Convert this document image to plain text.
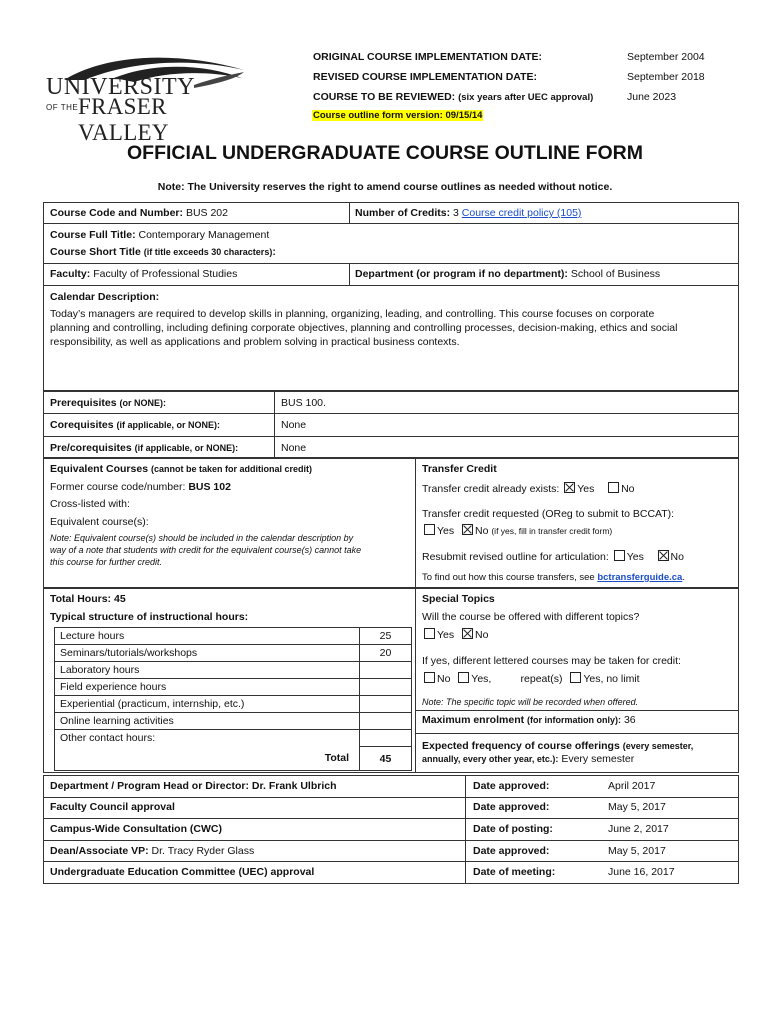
UNIVERSITY
OF THE FRASER VALLEY
ORIGINAL COURSE IMPLEMENTATION DATE:	September 2004
REVISED COURSE IMPLEMENTATION DATE:	September 2018
COURSE TO BE REVIEWED: (six years after UEC approval)	June 2023
Course outline form version: 09/15/14
OFFICIAL UNDERGRADUATE COURSE OUTLINE FORM
Note: The University reserves the right to amend course outlines as needed without notice.
Course Code and Number: BUS 202	Number of Credits: 3 Course credit policy (105)
Course Full Title: Contemporary Management
Course Short Title (if title exceeds 30 characters):
Faculty: Faculty of Professional Studies	Department (or program if no department): School of Business
Calendar Description:
Today’s managers are required to develop skills in planning, organizing, leading, and controlling. This course focuses on corporate
planning and controlling, including defining corporate objectives, planning and controlling processes, decision-making, ethics and social
responsibility, as well as applications and problem solving in practical business contexts.
Prerequisites (or NONE):	BUS 100.
Corequisites (if applicable, or NONE):	None
Pre/corequisites (if applicable, or NONE):	None
Equivalent Courses (cannot be taken for additional credit)
Former course code/number: BUS 102
Cross-listed with:
Equivalent course(s):
Note: Equivalent course(s) should be included in the calendar description by
way of a note that students with credit for the equivalent course(s) cannot take
this course for further credit.
Transfer Credit
Transfer credit already exists: Yes	No
Transfer credit requested (OReg to submit to BCCAT):
Yes No (if yes, fill in transfer credit form)
Resubmit revised outline for articulation: Yes	No
To find out how this course transfers, see bctransferguide.ca.
Total Hours: 45
Typical structure of instructional hours:
Lecture hours	25
Seminars/tutorials/workshops	20
Laboratory hours	
Field experience hours	
Experiential (practicum, internship, etc.)	
Online learning activities	
Other contact hours:	
Total	45
Special Topics
Will the course be offered with different topics?
Yes No
If yes, different lettered courses may be taken for credit:
No Yes,	repeat(s) Yes, no limit
Note: The specific topic will be recorded when offered.
Maximum enrolment (for information only): 36
Expected frequency of course offerings (every semester,
annually, every other year, etc.): Every semester
Department / Program Head or Director: Dr. Frank Ulbrich	Date approved:	April 2017
Faculty Council approval	Date approved:	May 5, 2017
Campus-Wide Consultation (CWC)	Date of posting:	June 2, 2017
Dean/Associate VP: Dr. Tracy Ryder Glass	Date approved:	May 5, 2017
Undergraduate Education Committee (UEC) approval	Date of meeting:	June 16, 2017
